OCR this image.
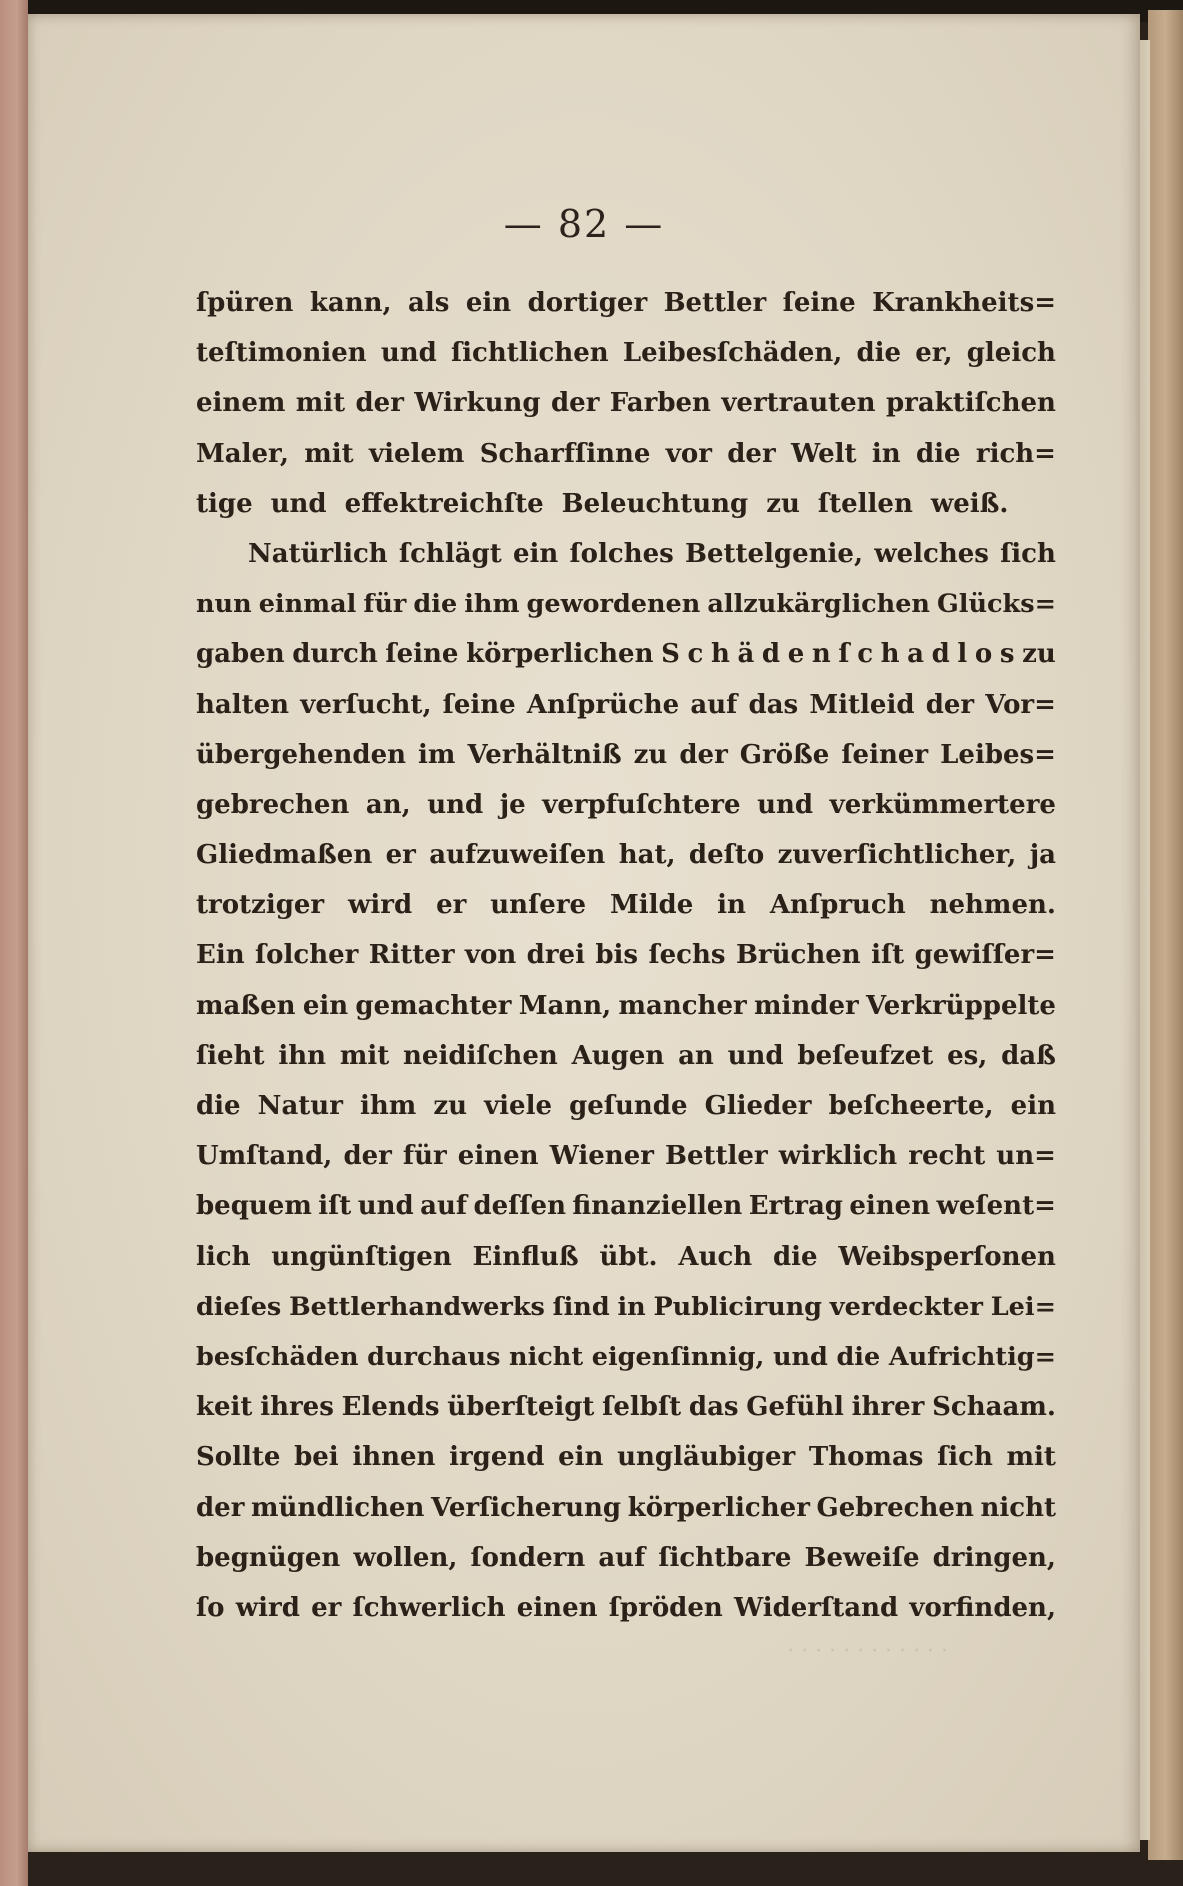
— 82 —
ſpüren kann, als ein dortiger Bettler ſeine Krankheits=
teſtimonien und ſichtlichen Leibesſchäden, die er, gleich
einem mit der Wirkung der Farben vertrauten praktiſchen
Maler, mit vielem Scharfſinne vor der Welt in die rich=
tige und effektreichſte Beleuchtung zu ſtellen weiß.
Natürlich ſchlägt ein ſolches Bettelgenie, welches ſich
nun einmal für die ihm gewordenen allzukärglichen Glücks=
gaben durch ſeine körperlichen S c h ä d e n ſ c h a d l o s zu
halten verſucht, ſeine Anſprüche auf das Mitleid der Vor=
übergehenden im Verhältniß zu der Größe ſeiner Leibes=
gebrechen an, und je verpfuſchtere und verkümmertere
Gliedmaßen er aufzuweiſen hat, deſto zuverſichtlicher, ja
trotziger wird er unſere Milde in Anſpruch nehmen.
Ein ſolcher Ritter von drei bis ſechs Brüchen iſt gewiſſer=
maßen ein gemachter Mann, mancher minder Verkrüppelte
ſieht ihn mit neidiſchen Augen an und beſeufzet es, daß
die Natur ihm zu viele geſunde Glieder beſcheerte, ein
Umſtand, der für einen Wiener Bettler wirklich recht un=
bequem iſt und auf deſſen finanziellen Ertrag einen weſent=
lich ungünſtigen Einfluß übt. Auch die Weibsperſonen
dieſes Bettlerhandwerks ſind in Publicirung verdeckter Lei=
besſchäden durchaus nicht eigenſinnig, und die Aufrichtig=
keit ihres Elends überſteigt ſelbſt das Gefühl ihrer Schaam.
Sollte bei ihnen irgend ein ungläubiger Thomas ſich mit
der mündlichen Verſicherung körperlicher Gebrechen nicht
begnügen wollen, ſondern auf ſichtbare Beweiſe dringen,
ſo wird er ſchwerlich einen ſpröden Widerſtand vorfinden,
· · · · · · · · · · · ·
